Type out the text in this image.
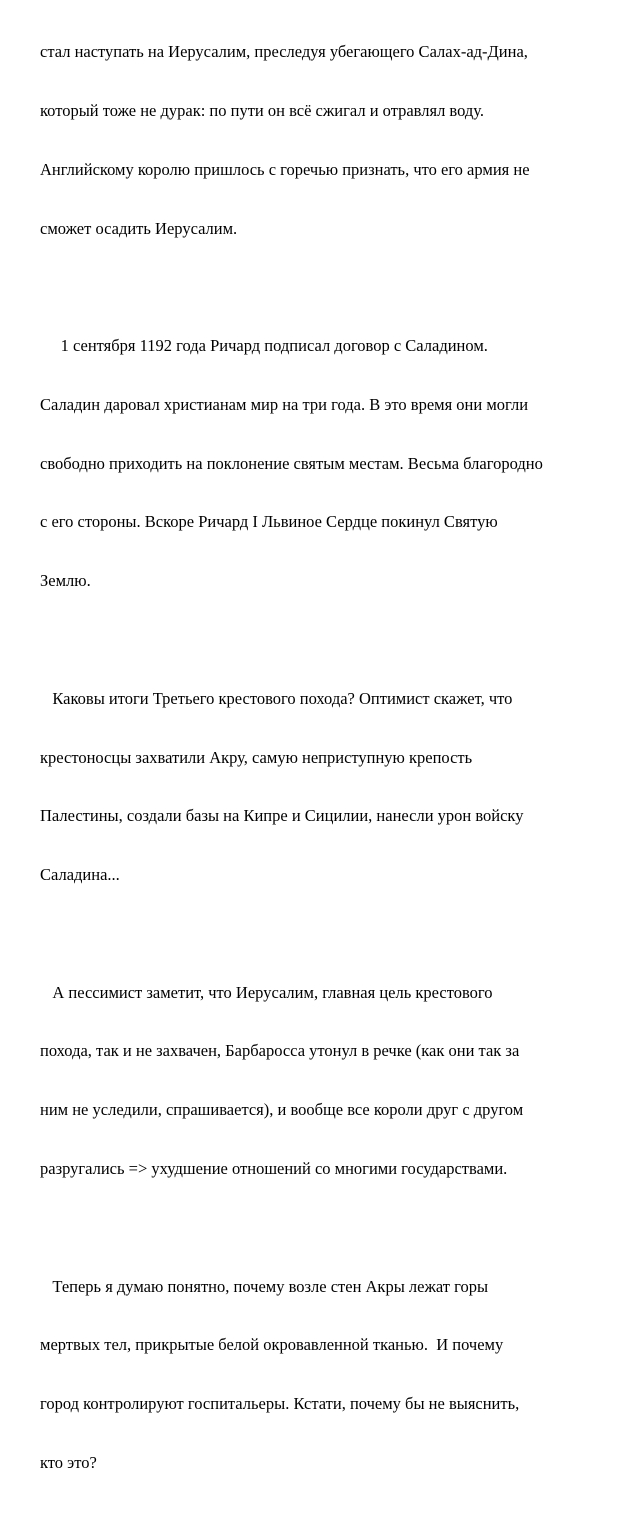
стал наступать на Иерусалим, преследуя убегающего Салах-ад-Дина,

который тоже не дурак: по пути он всё сжигал и отравлял воду.

Английскому королю пришлось с горечью признать, что его армия не

сможет осадить Иерусалим.

1 сентября 1192 года Ричард подписал договор с Саладином.

Саладин даровал христианам мир на три года. В это время они могли

свободно приходить на поклонение святым местам. Весьма благородно

с его стороны. Вскоре Ричард I Львиное Сердце покинул Святую

Землю.

Каковы итоги Третьего крестового похода? Оптимист скажет, что

крестоносцы захватили Акру, самую неприступную крепость

Палестины, создали базы на Кипре и Сицилии, нанесли урон войску

Саладина...

А пессимист заметит, что Иерусалим, главная цель крестового

похода, так и не захвачен, Барбаросса утонул в речке (как они так за

ним не уследили, спрашивается), и вообще все короли друг с другом

разругались => ухудшение отношений со многими государствами.

Теперь я думаю понятно, почему возле стен Акры лежат горы

мертвых тел, прикрытые белой окровавленной тканью.  И почему

город контролируют госпитальеры. Кстати, почему бы не выяснить,

кто это?
